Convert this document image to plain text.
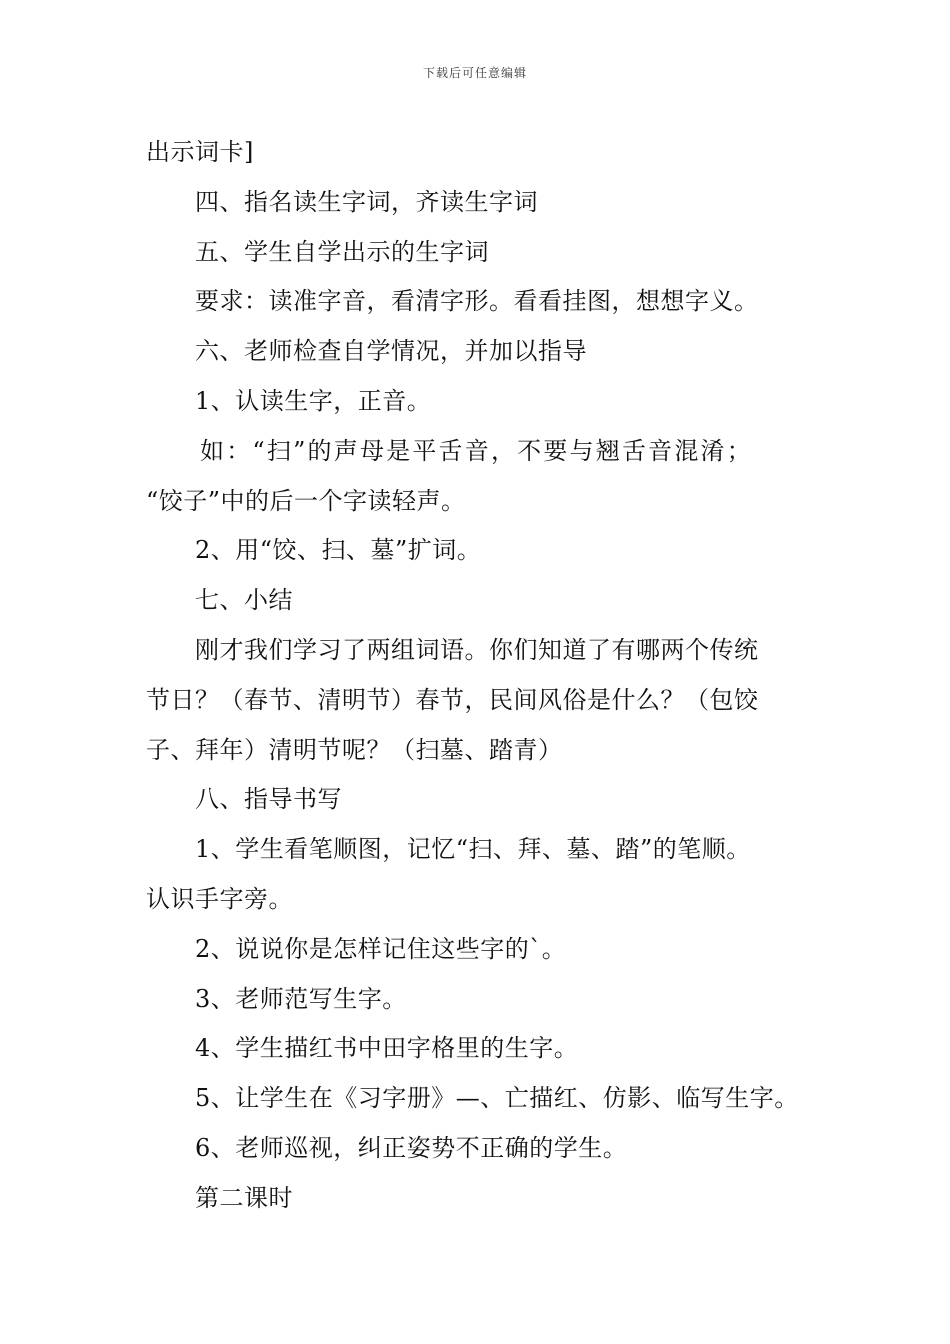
下载后可任意编辑
出示词卡]
四、指名读生字词，齐读生字词
五、学生自学出示的生字词
要求：读准字音，看清字形。看看挂图，想想字义。
六、老师检查自学情况，并加以指导
1、认读生字，正音。
如：“扫”的声母是平舌音，不要与翘舌音混淆；
“饺子”中的后一个字读轻声。
2、用“饺、扫、墓”扩词。
七、小结
刚才我们学习了两组词语。你们知道了有哪两个传统
节日？（春节、清明节）春节，民间风俗是什么？（包饺
子、拜年）清明节呢？（扫墓、踏青）
八、指导书写
1、学生看笔顺图，记忆“扫、拜、墓、踏”的笔顺。
认识手字旁。
2、说说你是怎样记住这些字的`。
3、老师范写生字。
4、学生描红书中田字格里的生字。
5、让学生在《习字册》—、亡描红、仿影、临写生字。
6、老师巡视，纠正姿势不正确的学生。
第二课时
